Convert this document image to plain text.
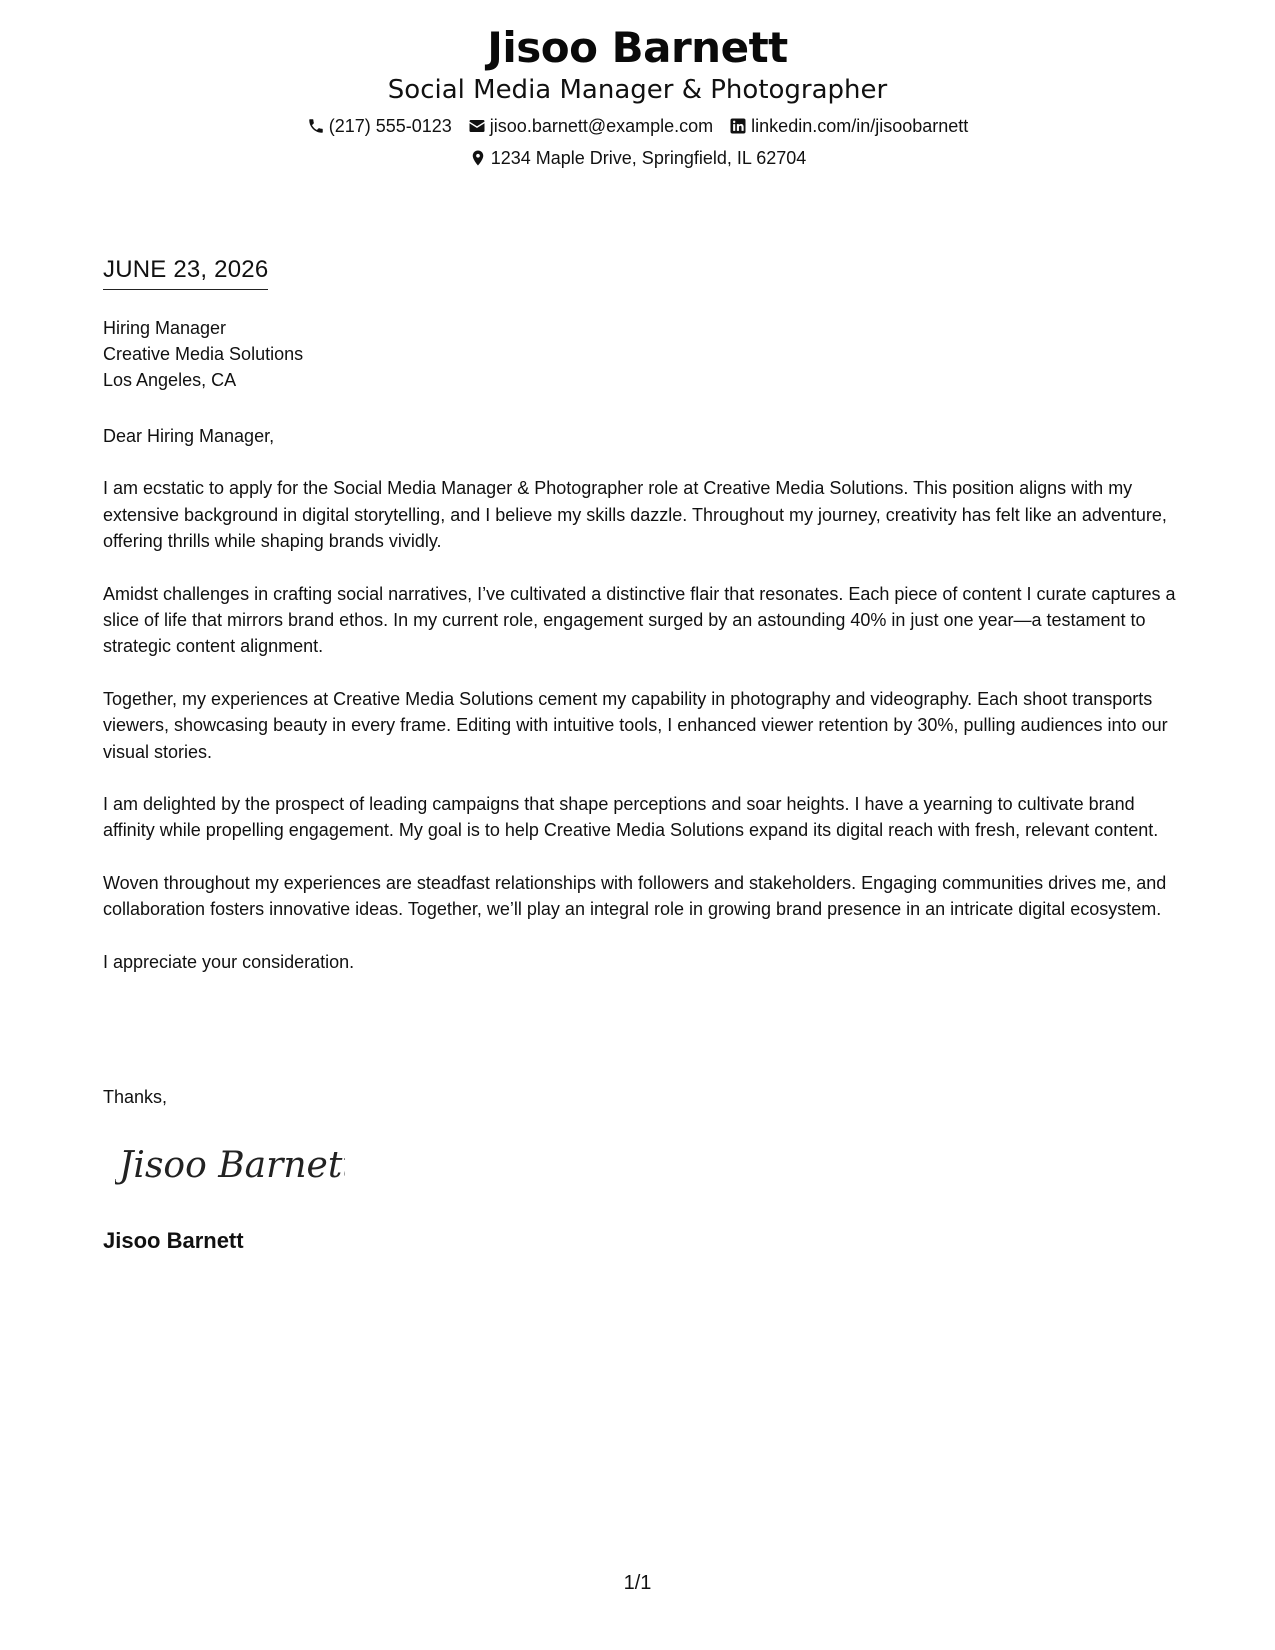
Jisoo Barnett
Social Media Manager & Photographer
(217) 555-0123 jisoo.barnett@example.com linkedin.com/in/jisoobarnett
1234 Maple Drive, Springfield, IL 62704
JUNE 23, 2026
Hiring Manager
Creative Media Solutions
Los Angeles, CA

Dear Hiring Manager,

I am ecstatic to apply for the Social Media Manager & Photographer role at Creative Media Solutions. This position aligns with my extensive background in digital storytelling, and I believe my skills dazzle. Throughout my journey, creativity has felt like an adventure, offering thrills while shaping brands vividly.

Amidst challenges in crafting social narratives, I’ve cultivated a distinctive flair that resonates. Each piece of content I curate captures a slice of life that mirrors brand ethos. In my current role, engagement surged by an astounding 40% in just one year—a testament to strategic content alignment.

Together, my experiences at Creative Media Solutions cement my capability in photography and videography. Each shoot transports viewers, showcasing beauty in every frame. Editing with intuitive tools, I enhanced viewer retention by 30%, pulling audiences into our visual stories.

I am delighted by the prospect of leading campaigns that shape perceptions and soar heights. I have a yearning to cultivate brand affinity while propelling engagement. My goal is to help Creative Media Solutions expand its digital reach with fresh, relevant content.

Woven throughout my experiences are steadfast relationships with followers and stakeholders. Engaging communities drives me, and collaboration fosters innovative ideas. Together, we’ll play an integral role in growing brand presence in an intricate digital ecosystem.

I appreciate your consideration.

Thanks,
Jisoo Barnett
Jisoo Barnett
1/1
